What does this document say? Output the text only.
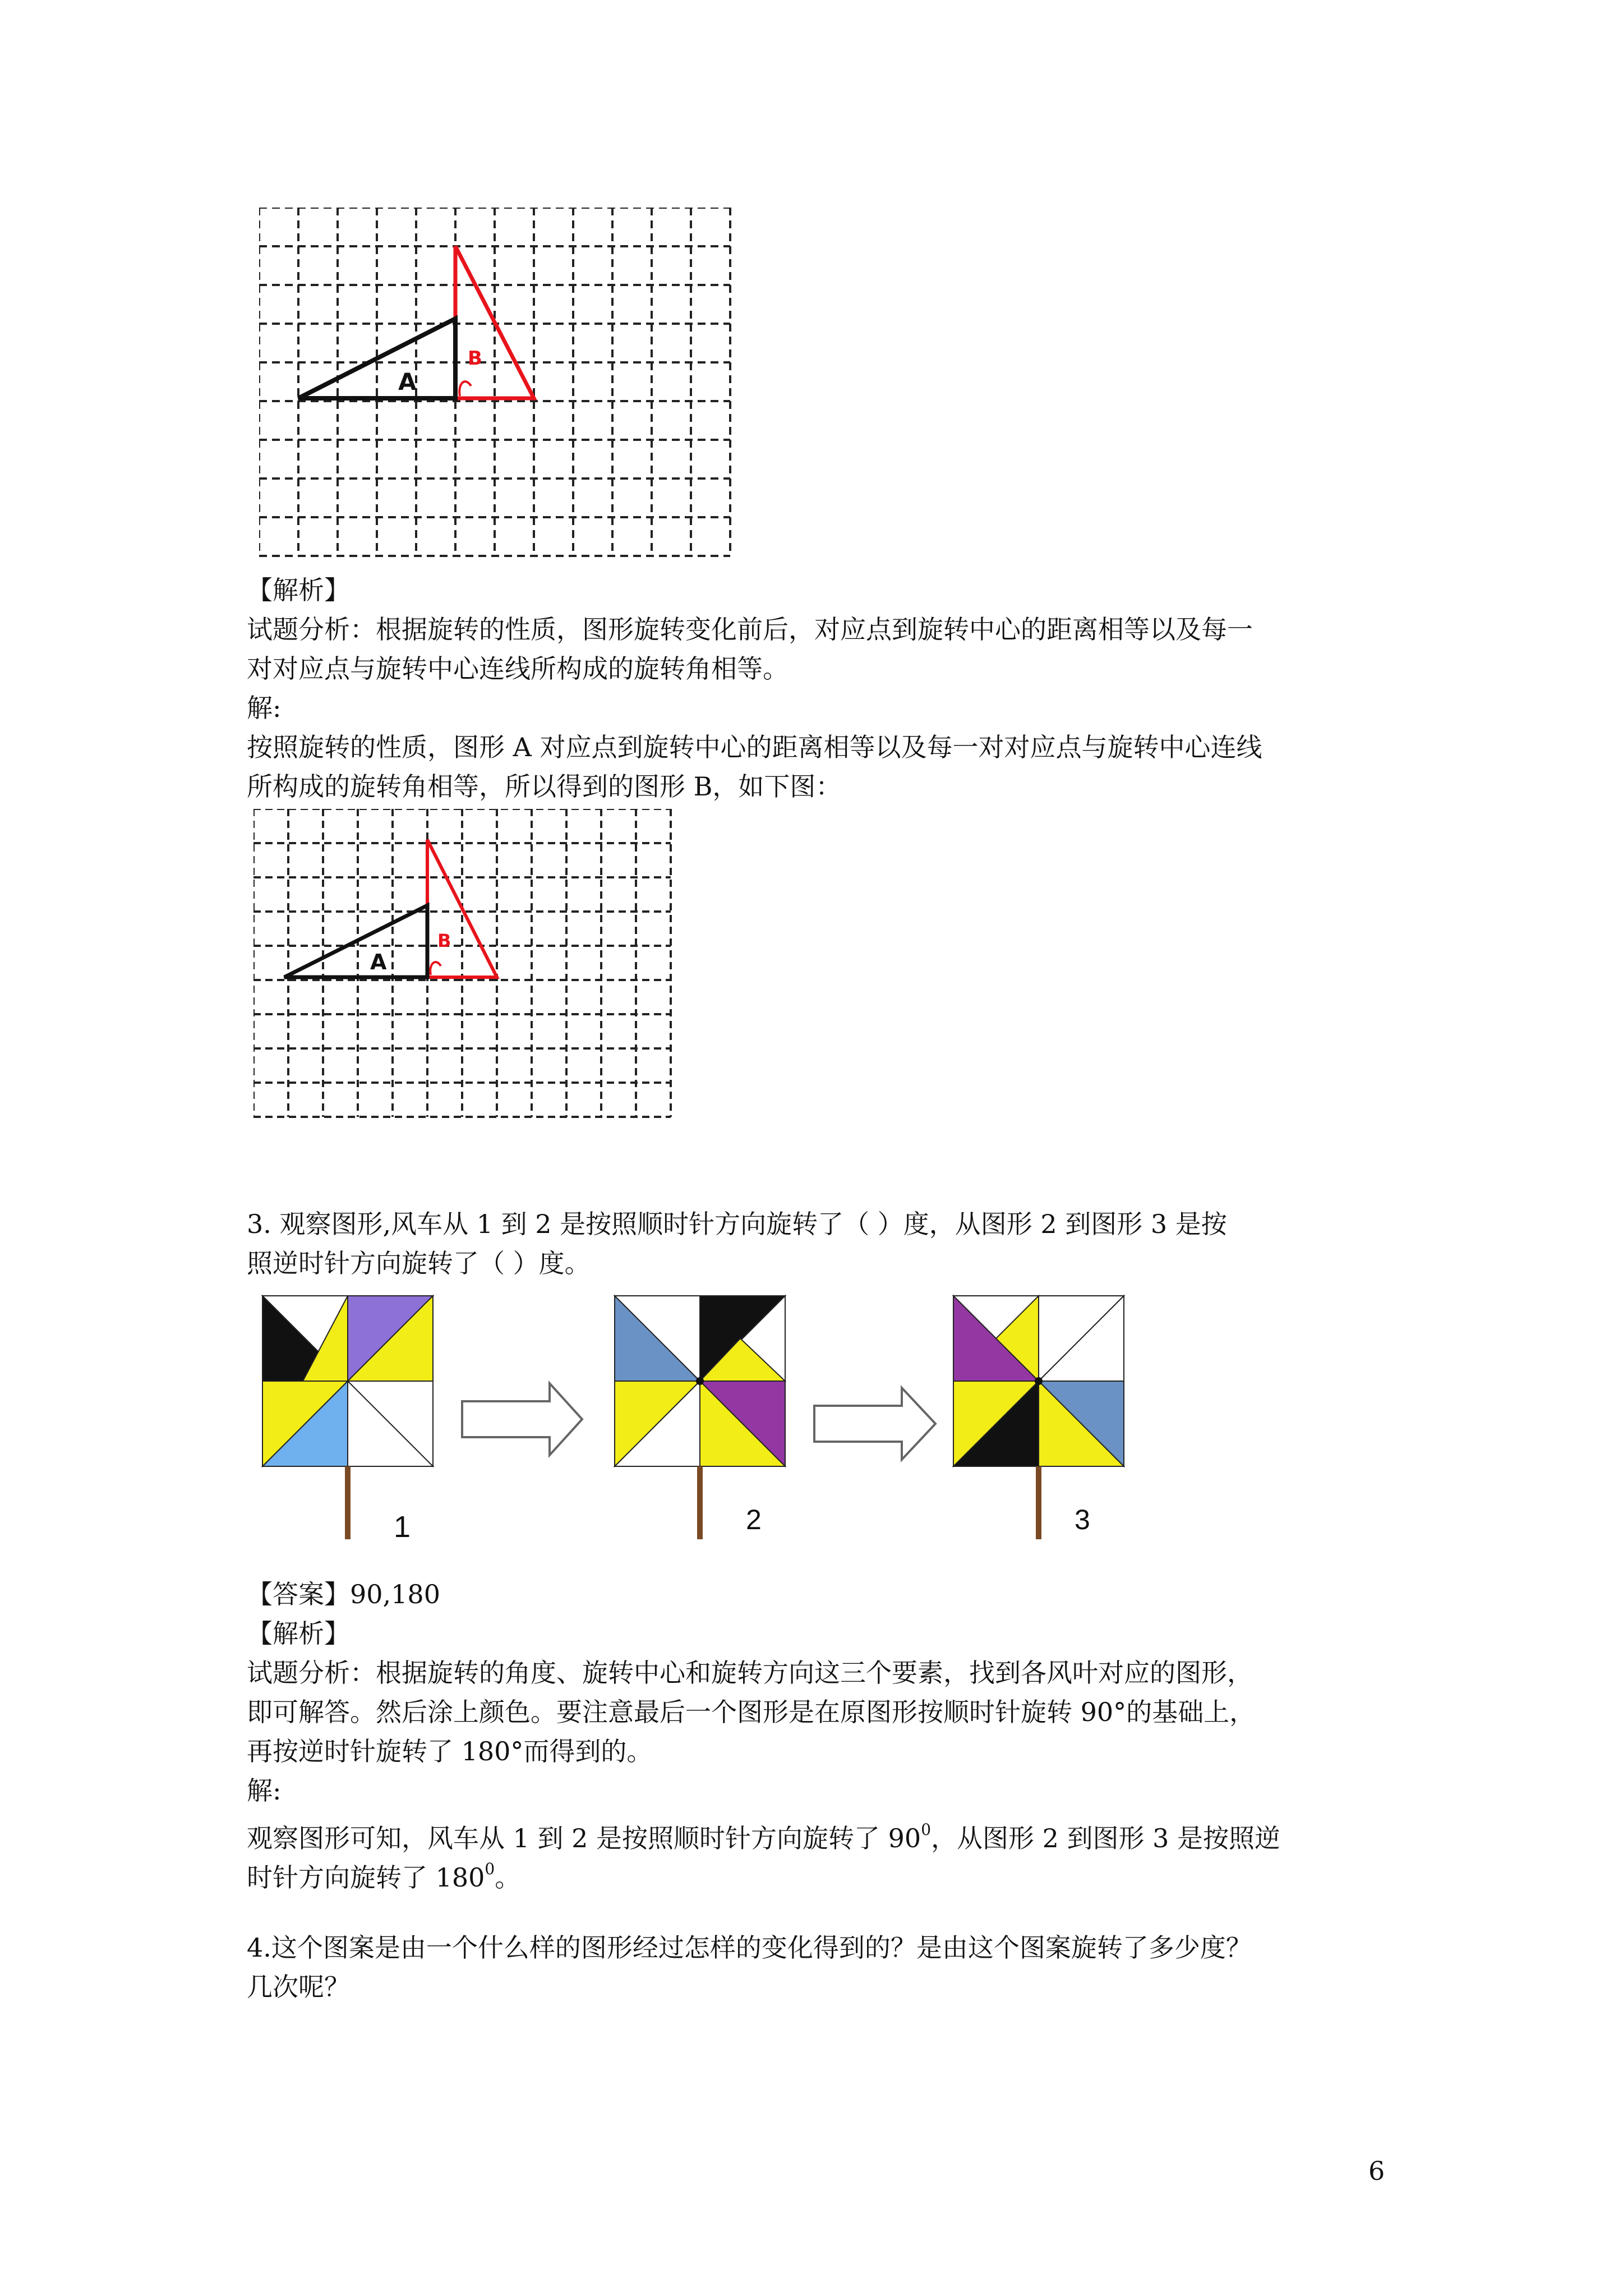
A
B
【解析】
试题分析：根据旋转的性质，图形旋转变化前后，对应点到旋转中心的距离相等以及每一
对对应点与旋转中心连线所构成的旋转角相等。
解:
按照旋转的性质，图形 A 对应点到旋转中心的距离相等以及每一对对应点与旋转中心连线
所构成的旋转角相等，所以得到的图形 B，如下图：
A
B
3. 观察图形,风车从 1 到 2 是按照顺时针方向旋转了（ ）度，从图形 2 到图形 3 是按
照逆时针方向旋转了（ ）度。
1	2	3
【答案】90,180
【解析】
试题分析：根据旋转的角度、旋转中心和旋转方向这三个要素，找到各风叶对应的图形，
即可解答。然后涂上颜色。要注意最后一个图形是在原图形按顺时针旋转 90°的基础上，
再按逆时针旋转了 180°而得到的。
解:
观察图形可知，风车从 1 到 2 是按照顺时针方向旋转了 $90^0$，从图形 2 到图形 3 是按照逆
时针方向旋转了 $180^0$。
4.这个图案是由一个什么样的图形经过怎样的变化得到的？是由这个图案旋转了多少度？
几次呢？
6
